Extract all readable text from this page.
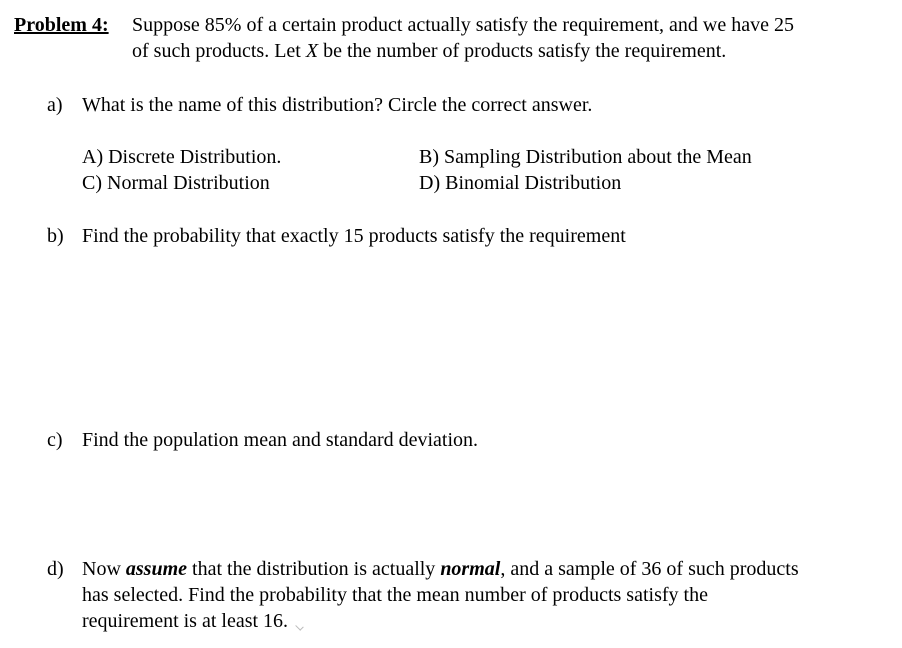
Problem 4: Suppose 85% of a certain product actually satisfy the requirement, and we have 25
of such products. Let X be the number of products satisfy the requirement.
a) What is the name of this distribution? Circle the correct answer.
A) Discrete Distribution.	B) Sampling Distribution about the Mean
C) Normal Distribution	D) Binomial Distribution
b) Find the probability that exactly 15 products satisfy the requirement
c) Find the population mean and standard deviation.
d) Now assume that the distribution is actually normal, and a sample of 36 of such products
has selected. Find the probability that the mean number of products satisfy the
requirement is at least 16.
